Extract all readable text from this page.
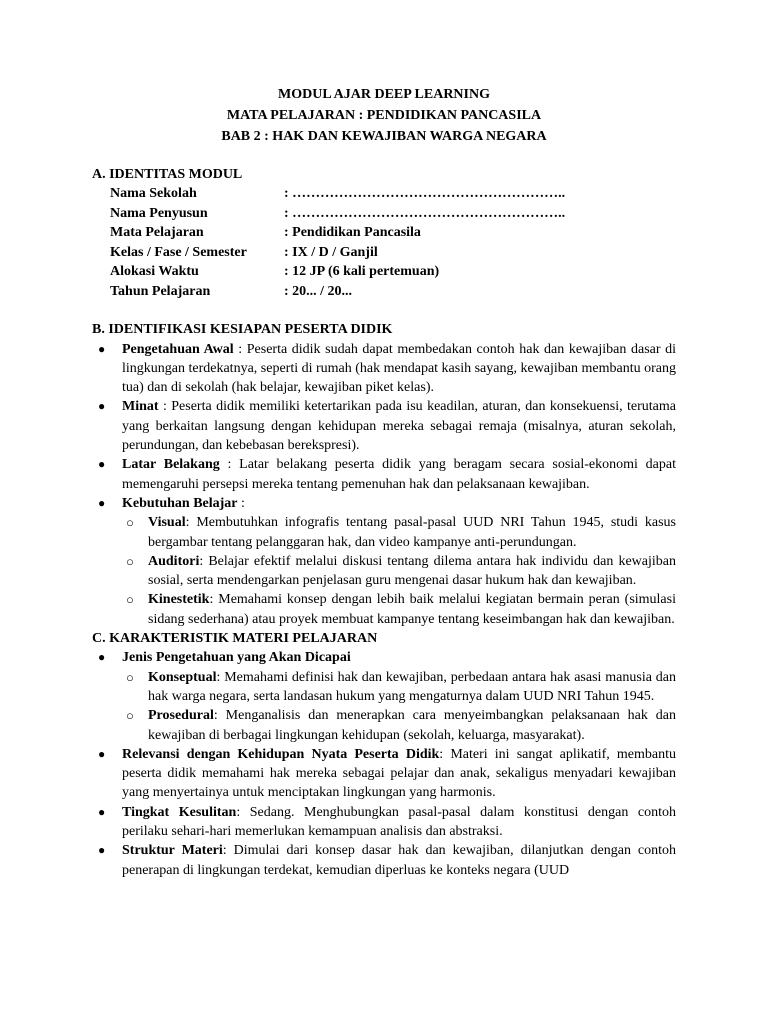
MODUL AJAR DEEP LEARNING
MATA PELAJARAN : PENDIDIKAN PANCASILA
BAB 2 : HAK DAN KEWAJIBAN WARGA NEGARA
A. IDENTITAS MODUL
Nama Sekolah	: …………………………………………………..
Nama Penyusun	: …………………………………………………..
Mata Pelajaran	: Pendidikan Pancasila
Kelas / Fase / Semester	: IX / D / Ganjil
Alokasi Waktu	: 12 JP (6 kali pertemuan)
Tahun Pelajaran	: 20... / 20...
B. IDENTIFIKASI KESIAPAN PESERTA DIDIK
● Pengetahuan Awal : Peserta didik sudah dapat membedakan contoh hak dan kewajiban dasar di lingkungan terdekatnya, seperti di rumah (hak mendapat kasih sayang, kewajiban membantu orang tua) dan di sekolah (hak belajar, kewajiban piket kelas).
● Minat : Peserta didik memiliki ketertarikan pada isu keadilan, aturan, dan konsekuensi, terutama yang berkaitan langsung dengan kehidupan mereka sebagai remaja (misalnya, aturan sekolah, perundungan, dan kebebasan berekspresi).
● Latar Belakang : Latar belakang peserta didik yang beragam secara sosial-ekonomi dapat memengaruhi persepsi mereka tentang pemenuhan hak dan pelaksanaan kewajiban.
● Kebutuhan Belajar :
○ Visual: Membutuhkan infografis tentang pasal-pasal UUD NRI Tahun 1945, studi kasus bergambar tentang pelanggaran hak, dan video kampanye anti-perundungan.
○ Auditori: Belajar efektif melalui diskusi tentang dilema antara hak individu dan kewajiban sosial, serta mendengarkan penjelasan guru mengenai dasar hukum hak dan kewajiban.
○ Kinestetik: Memahami konsep dengan lebih baik melalui kegiatan bermain peran (simulasi sidang sederhana) atau proyek membuat kampanye tentang keseimbangan hak dan kewajiban.
C. KARAKTERISTIK MATERI PELAJARAN
● Jenis Pengetahuan yang Akan Dicapai
○ Konseptual: Memahami definisi hak dan kewajiban, perbedaan antara hak asasi manusia dan hak warga negara, serta landasan hukum yang mengaturnya dalam UUD NRI Tahun 1945.
○ Prosedural: Menganalisis dan menerapkan cara menyeimbangkan pelaksanaan hak dan kewajiban di berbagai lingkungan kehidupan (sekolah, keluarga, masyarakat).
● Relevansi dengan Kehidupan Nyata Peserta Didik: Materi ini sangat aplikatif, membantu peserta didik memahami hak mereka sebagai pelajar dan anak, sekaligus menyadari kewajiban yang menyertainya untuk menciptakan lingkungan yang harmonis.
● Tingkat Kesulitan: Sedang. Menghubungkan pasal-pasal dalam konstitusi dengan contoh perilaku sehari-hari memerlukan kemampuan analisis dan abstraksi.
● Struktur Materi: Dimulai dari konsep dasar hak dan kewajiban, dilanjutkan dengan contoh penerapan di lingkungan terdekat, kemudian diperluas ke konteks negara (UUD
